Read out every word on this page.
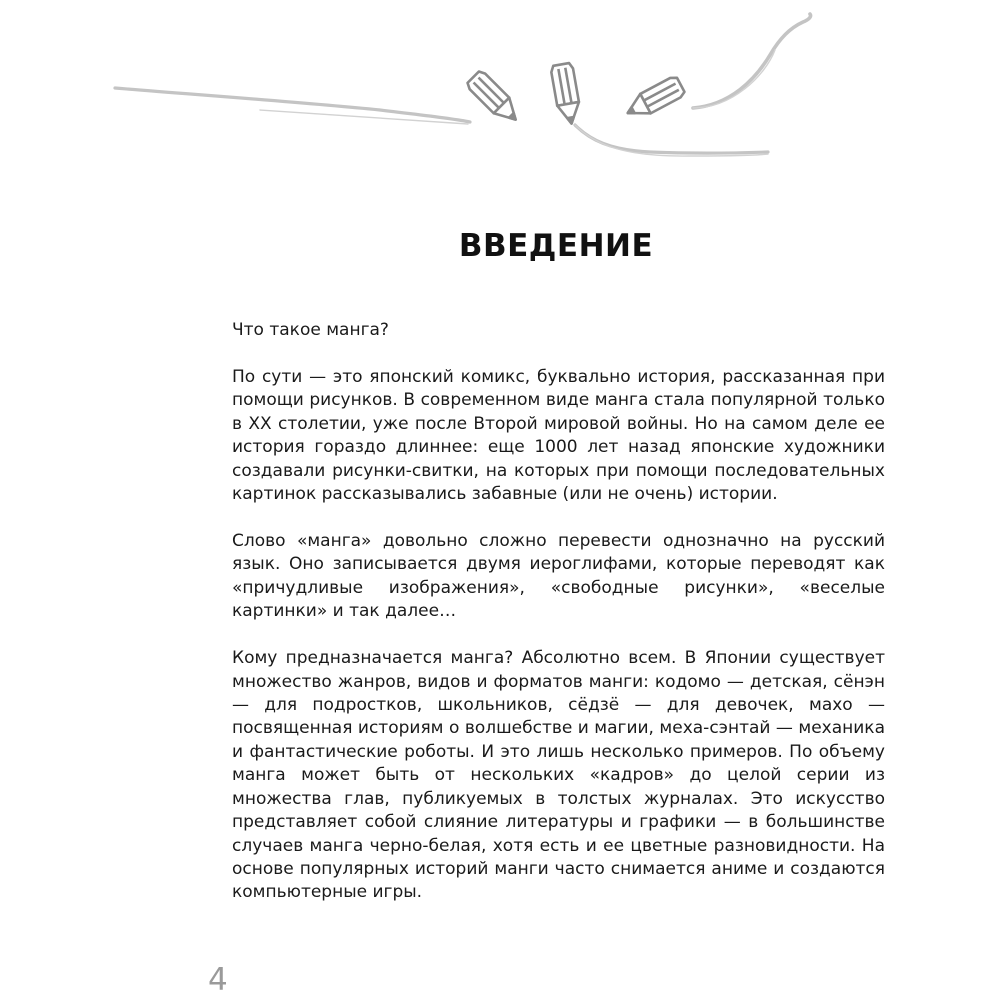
ВВЕДЕНИЕ

Что такое манга?

По сути — это японский комикс, буквально история, рассказанная при помощи рисунков. В современном виде манга стала популярной только в XX столетии, уже после Второй мировой войны. Но на самом деле ее история гораздо длиннее: еще 1000 лет назад японские художники создавали рисунки-свитки, на которых при помощи последовательных картинок рассказывались забавные (или не очень) истории.

Слово «манга» довольно сложно перевести однозначно на русский язык. Оно записывается двумя иероглифами, которые переводят как «причудливые изображения», «свободные рисунки», «веселые картинки» и так далее…

Кому предназначается манга? Абсолютно всем. В Японии существует множество жанров, видов и форматов манги: кодомо — детская, сёнэн — для подростков, школьников, сёдзё — для девочек, махо — посвященная историям о волшебстве и магии, меха-сэнтай — механика и фантастические роботы. И это лишь несколько примеров. По объему манга может быть от нескольких «кадров» до целой серии из множества глав, публикуемых в толстых журналах. Это искусство представляет собой слияние литературы и графики — в большинстве случаев манга черно-белая, хотя есть и ее цветные разновидности. На основе популярных историй манги часто снимается аниме и создаются компьютерные игры.

4
